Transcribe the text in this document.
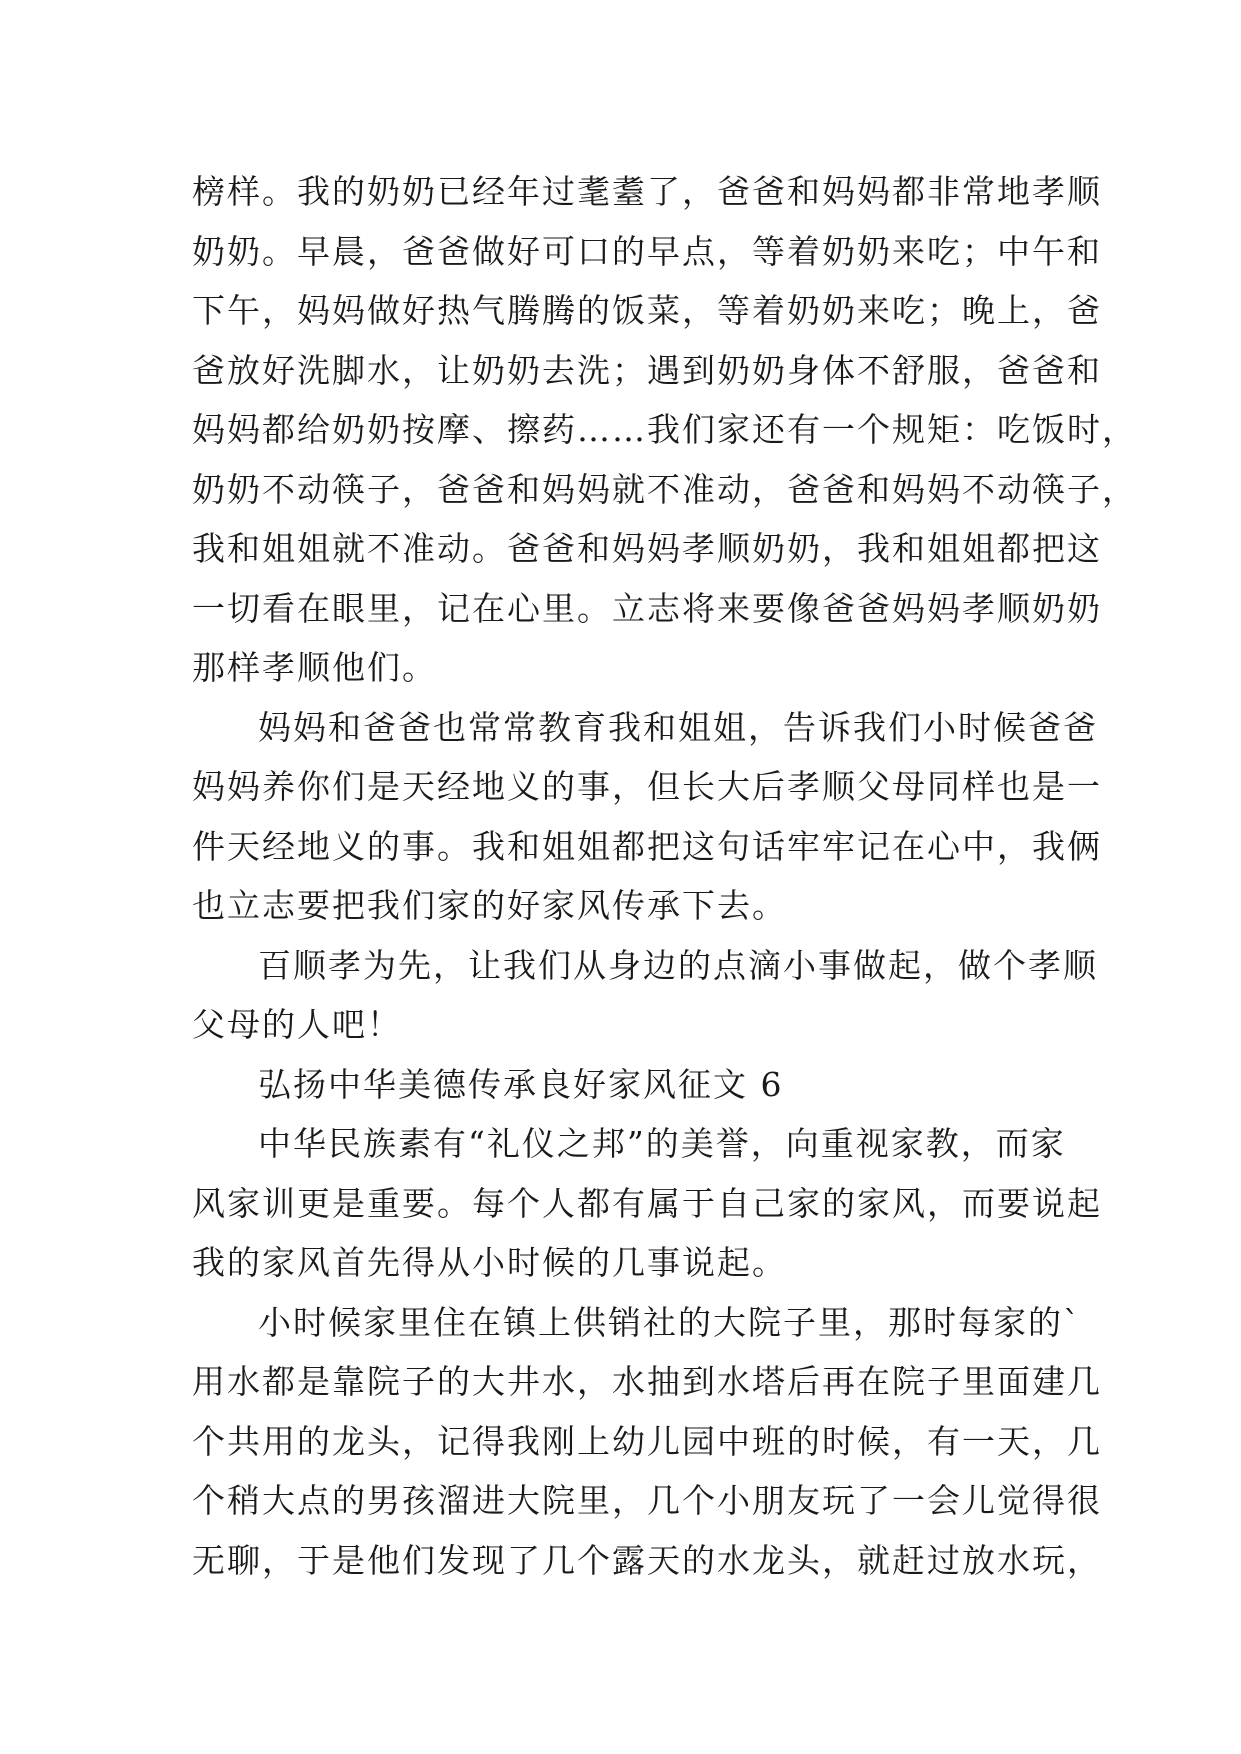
榜样。我的奶奶已经年过耄耋了，爸爸和妈妈都非常地孝顺
奶奶。早晨，爸爸做好可口的早点，等着奶奶来吃；中午和
下午，妈妈做好热气腾腾的饭菜，等着奶奶来吃；晚上，爸
爸放好洗脚水，让奶奶去洗；遇到奶奶身体不舒服，爸爸和
妈妈都给奶奶按摩、擦药……我们家还有一个规矩：吃饭时，
奶奶不动筷子，爸爸和妈妈就不准动，爸爸和妈妈不动筷子，
我和姐姐就不准动。爸爸和妈妈孝顺奶奶，我和姐姐都把这
一切看在眼里，记在心里。立志将来要像爸爸妈妈孝顺奶奶
那样孝顺他们。
妈妈和爸爸也常常教育我和姐姐，告诉我们小时候爸爸
妈妈养你们是天经地义的事，但长大后孝顺父母同样也是一
件天经地义的事。我和姐姐都把这句话牢牢记在心中，我俩
也立志要把我们家的好家风传承下去。
百顺孝为先，让我们从身边的点滴小事做起，做个孝顺
父母的人吧！
弘扬中华美德传承良好家风征文 6
中华民族素有“礼仪之邦”的美誉，向重视家教，而家
风家训更是重要。每个人都有属于自己家的家风，而要说起
我的家风首先得从小时候的几事说起。
小时候家里住在镇上供销社的大院子里，那时每家的`
用水都是靠院子的大井水，水抽到水塔后再在院子里面建几
个共用的龙头，记得我刚上幼儿园中班的时候，有一天，几
个稍大点的男孩溜进大院里，几个小朋友玩了一会儿觉得很
无聊，于是他们发现了几个露天的水龙头，就赶过放水玩，
